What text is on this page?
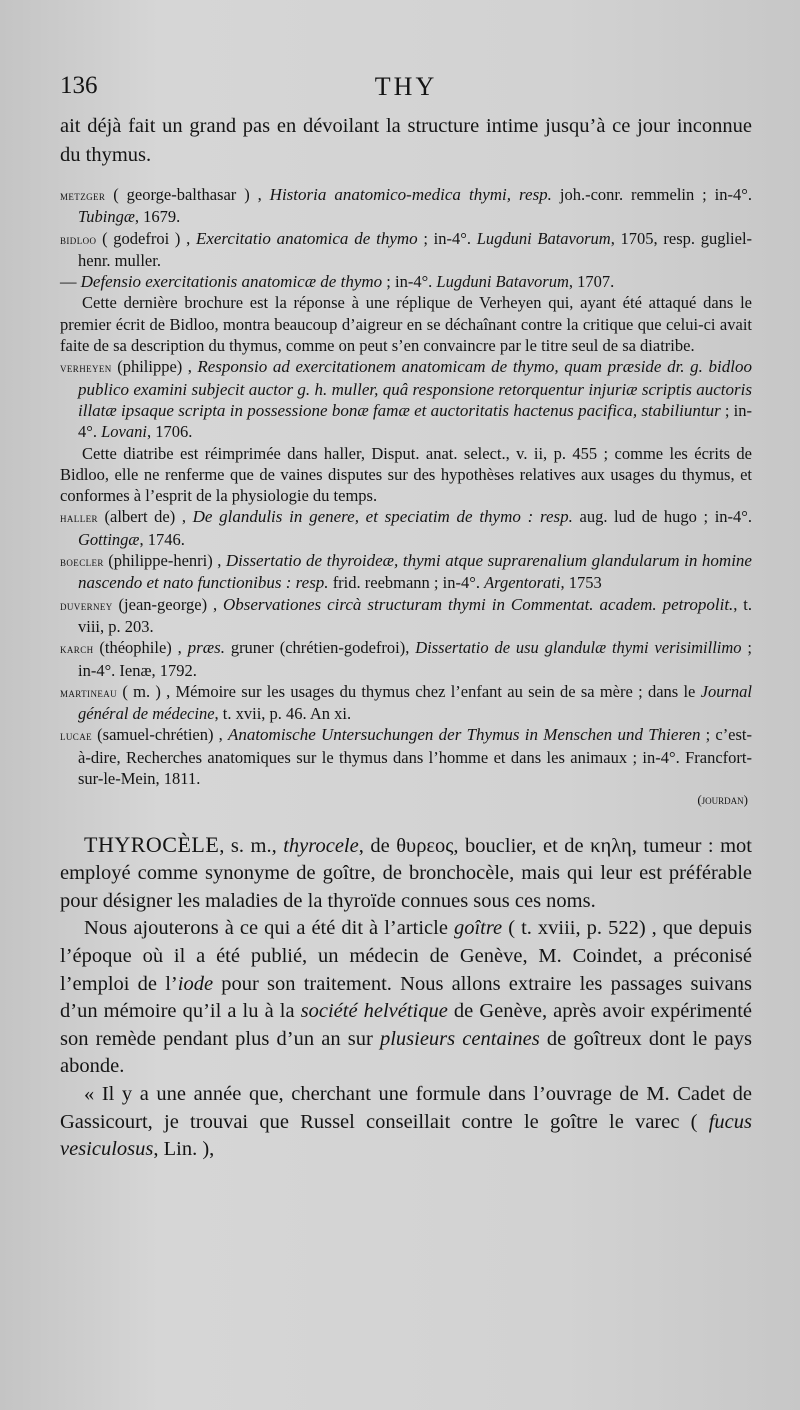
136	THY

ait déjà fait un grand pas en dévoilant la structure intime jusqu’à ce jour inconnue du thymus.

metzger ( george-balthasar ) , Historia anatomico-medica thymi, resp. joh.-conr. remmelin ; in-4°. Tubingæ, 1679.

bidloo ( godefroi ) , Exercitatio anatomica de thymo ; in-4°. Lugduni Batavorum, 1705, resp. gugliel-henr. muller.

— Defensio exercitationis anatomicæ de thymo ; in-4°. Lugduni Batavorum, 1707.

Cette dernière brochure est la réponse à une réplique de Verheyen qui, ayant été attaqué dans le premier écrit de Bidloo, montra beaucoup d’aigreur en se déchaînant contre la critique que celui-ci avait faite de sa description du thymus, comme on peut s’en convaincre par le titre seul de sa diatribe.

verheyen (philippe) , Responsio ad exercitationem anatomicam de thymo, quam præside dr. g. bidloo publico examini subjecit auctor g. h. muller, quâ responsione retorquentur injuriæ scriptis auctoris illatæ ipsaque scripta in possessione bonæ famæ et auctoritatis hactenus pacifica, stabiliuntur ; in-4°. Lovani, 1706.

Cette diatribe est réimprimée dans haller, Disput. anat. select., v. ii, p. 455 ; comme les écrits de Bidloo, elle ne renferme que de vaines disputes sur des hypothèses relatives aux usages du thymus, et conformes à l’esprit de la physiologie du temps.

haller (albert de) , De glandulis in genere, et speciatim de thymo : resp. aug. lud de hugo ; in-4°. Gottingæ, 1746.

boecler (philippe-henri) , Dissertatio de thyroideæ, thymi atque suprarenalium glandularum in homine nascendo et nato functionibus : resp. frid. reebmann ; in-4°. Argentorati, 1753

duverney (jean-george) , Observationes circà structuram thymi in Commentat. academ. petropolit., t. viii, p. 203.

karch (théophile) , præs. gruner (chrétien-godefroi), Dissertatio de usu glandulæ thymi verisimillimo ; in-4°. Ienæ, 1792.

martineau ( m. ) , Mémoire sur les usages du thymus chez l’enfant au sein de sa mère ; dans le Journal général de médecine, t. xvii, p. 46. An xi.

lucae (samuel-chrétien) , Anatomische Untersuchungen der Thymus in Menschen und Thieren ; c’est-à-dire, Recherches anatomiques sur le thymus dans l’homme et dans les animaux ; in-4°. Francfort-sur-le-Mein, 1811.

(jourdan)

THYROCÈLE, s. m., thyrocele, de θυρεος, bouclier, et de κηλη, tumeur : mot employé comme synonyme de goître, de bronchocèle, mais qui leur est préférable pour désigner les maladies de la thyroïde connues sous ces noms.

Nous ajouterons à ce qui a été dit à l’article goître ( t. xviii, p. 522) , que depuis l’époque où il a été publié, un médecin de Genève, M. Coindet, a préconisé l’emploi de l’iode pour son traitement. Nous allons extraire les passages suivans d’un mémoire qu’il a lu à la société helvétique de Genève, après avoir expérimenté son remède pendant plus d’un an sur plusieurs centaines de goîtreux dont le pays abonde.

« Il y a une année que, cherchant une formule dans l’ouvrage de M. Cadet de Gassicourt, je trouvai que Russel conseillait contre le goître le varec ( fucus vesiculosus, Lin. ),
